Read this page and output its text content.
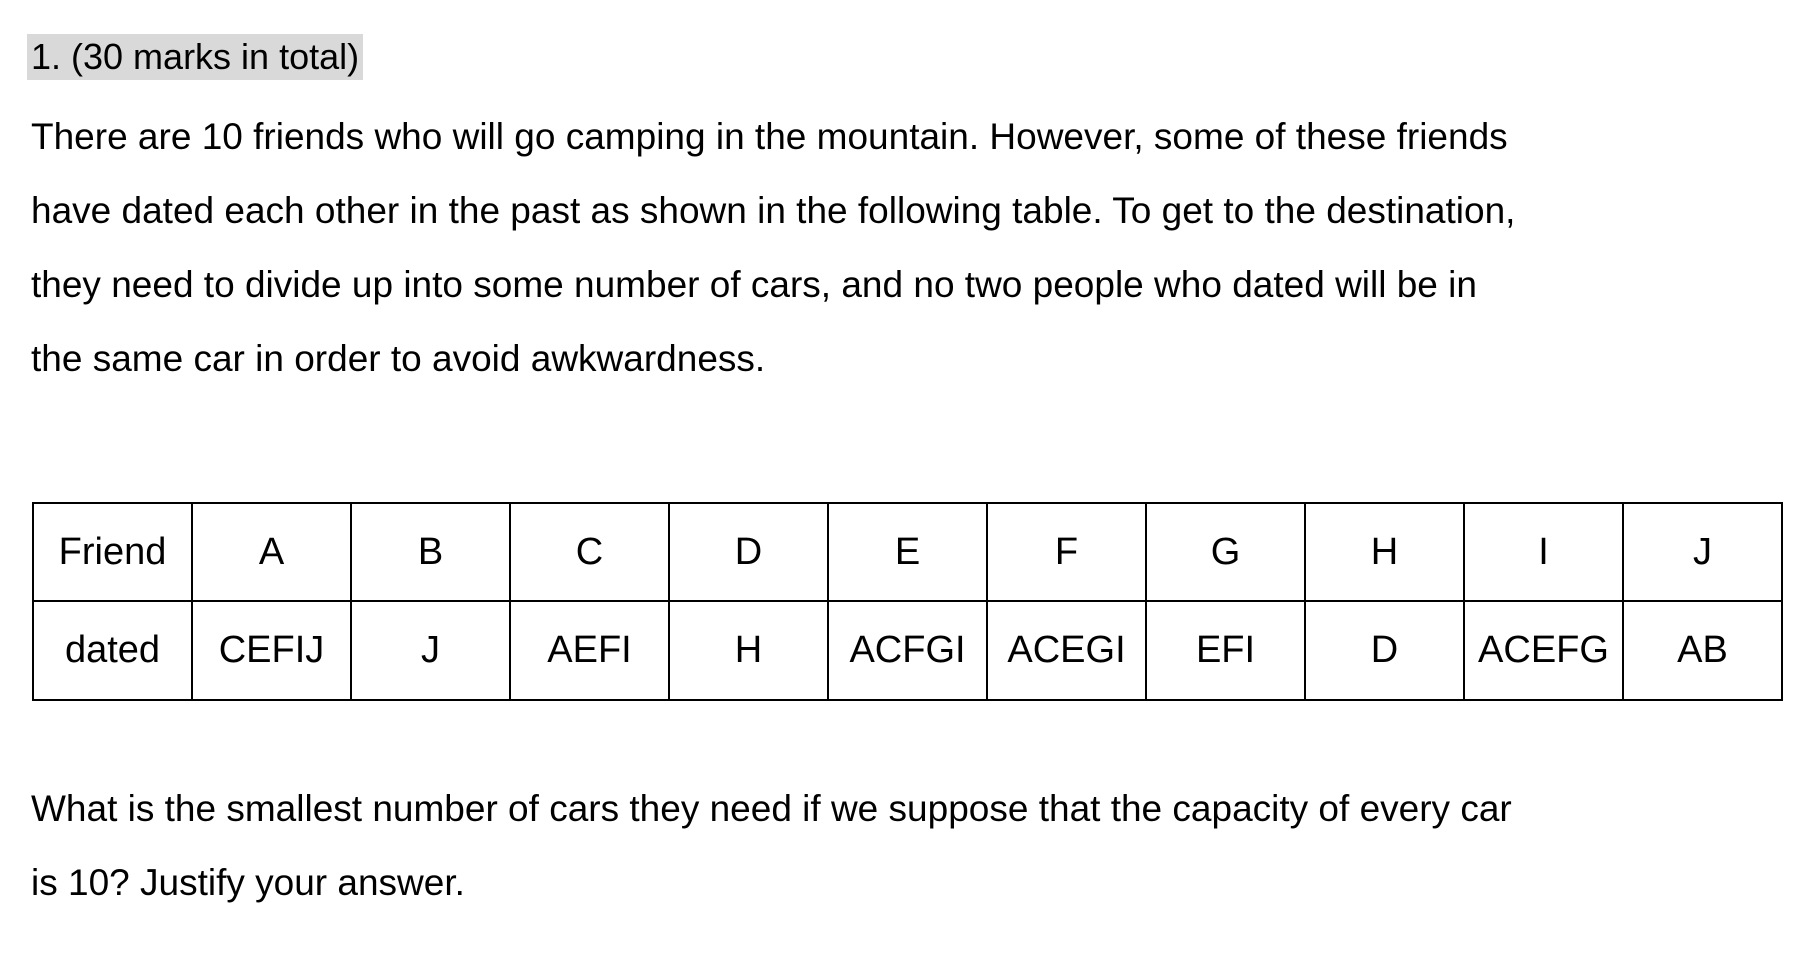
1. (30 marks in total)

There are 10 friends who will go camping in the mountain. However, some of these friends
have dated each other in the past as shown in the following table. To get to the destination,
they need to divide up into some number of cars, and no two people who dated will be in
the same car in order to avoid awkwardness.

Friend	A	B	C	D	E	F	G	H	I	J
dated	CEFIJ	J	AEFI	H	ACFGI	ACEGI	EFI	D	ACEFG	AB

What is the smallest number of cars they need if we suppose that the capacity of every car
is 10? Justify your answer.
